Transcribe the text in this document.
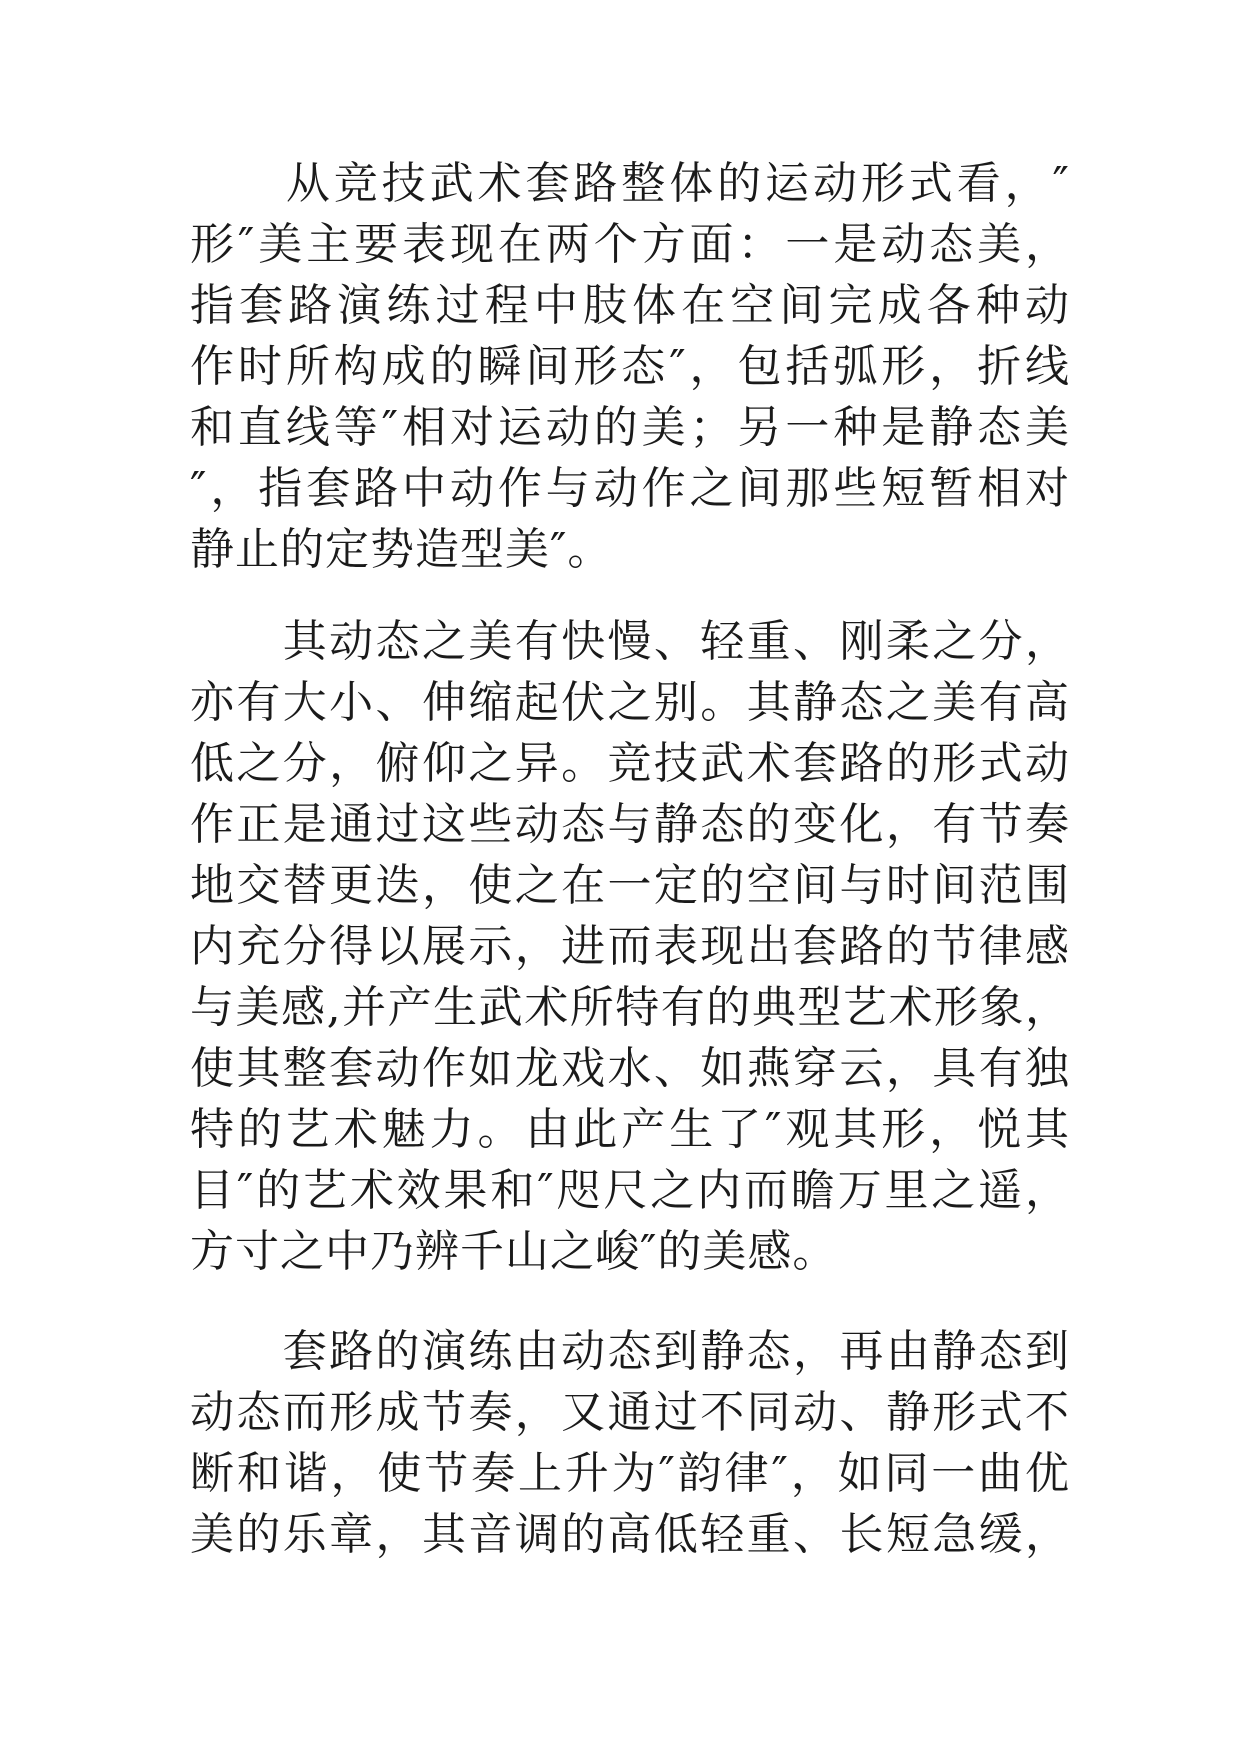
　　从竞技武术套路整体的运动形式看，″
形″美主要表现在两个方面：一是动态美，
指套路演练过程中肢体在空间完成各种动
作时所构成的瞬间形态″，包括弧形，折线
和直线等″相对运动的美；另一种是静态美
″，指套路中动作与动作之间那些短暂相对
静止的定势造型美″。
　　其动态之美有快慢、轻重、刚柔之分，
亦有大小、伸缩起伏之别。其静态之美有高
低之分，俯仰之异。竞技武术套路的形式动
作正是通过这些动态与静态的变化，有节奏
地交替更迭，使之在一定的空间与时间范围
内充分得以展示，进而表现出套路的节律感
与美感,并产生武术所特有的典型艺术形象，
使其整套动作如龙戏水、如燕穿云，具有独
特的艺术魅力。由此产生了″观其形，悦其
目″的艺术效果和″咫尺之内而瞻万里之遥，
方寸之中乃辨千山之峻″的美感。
　　套路的演练由动态到静态，再由静态到
动态而形成节奏，又通过不同动、静形式不
断和谐，使节奏上升为″韵律″，如同一曲优
美的乐章，其音调的高低轻重、长短急缓，
